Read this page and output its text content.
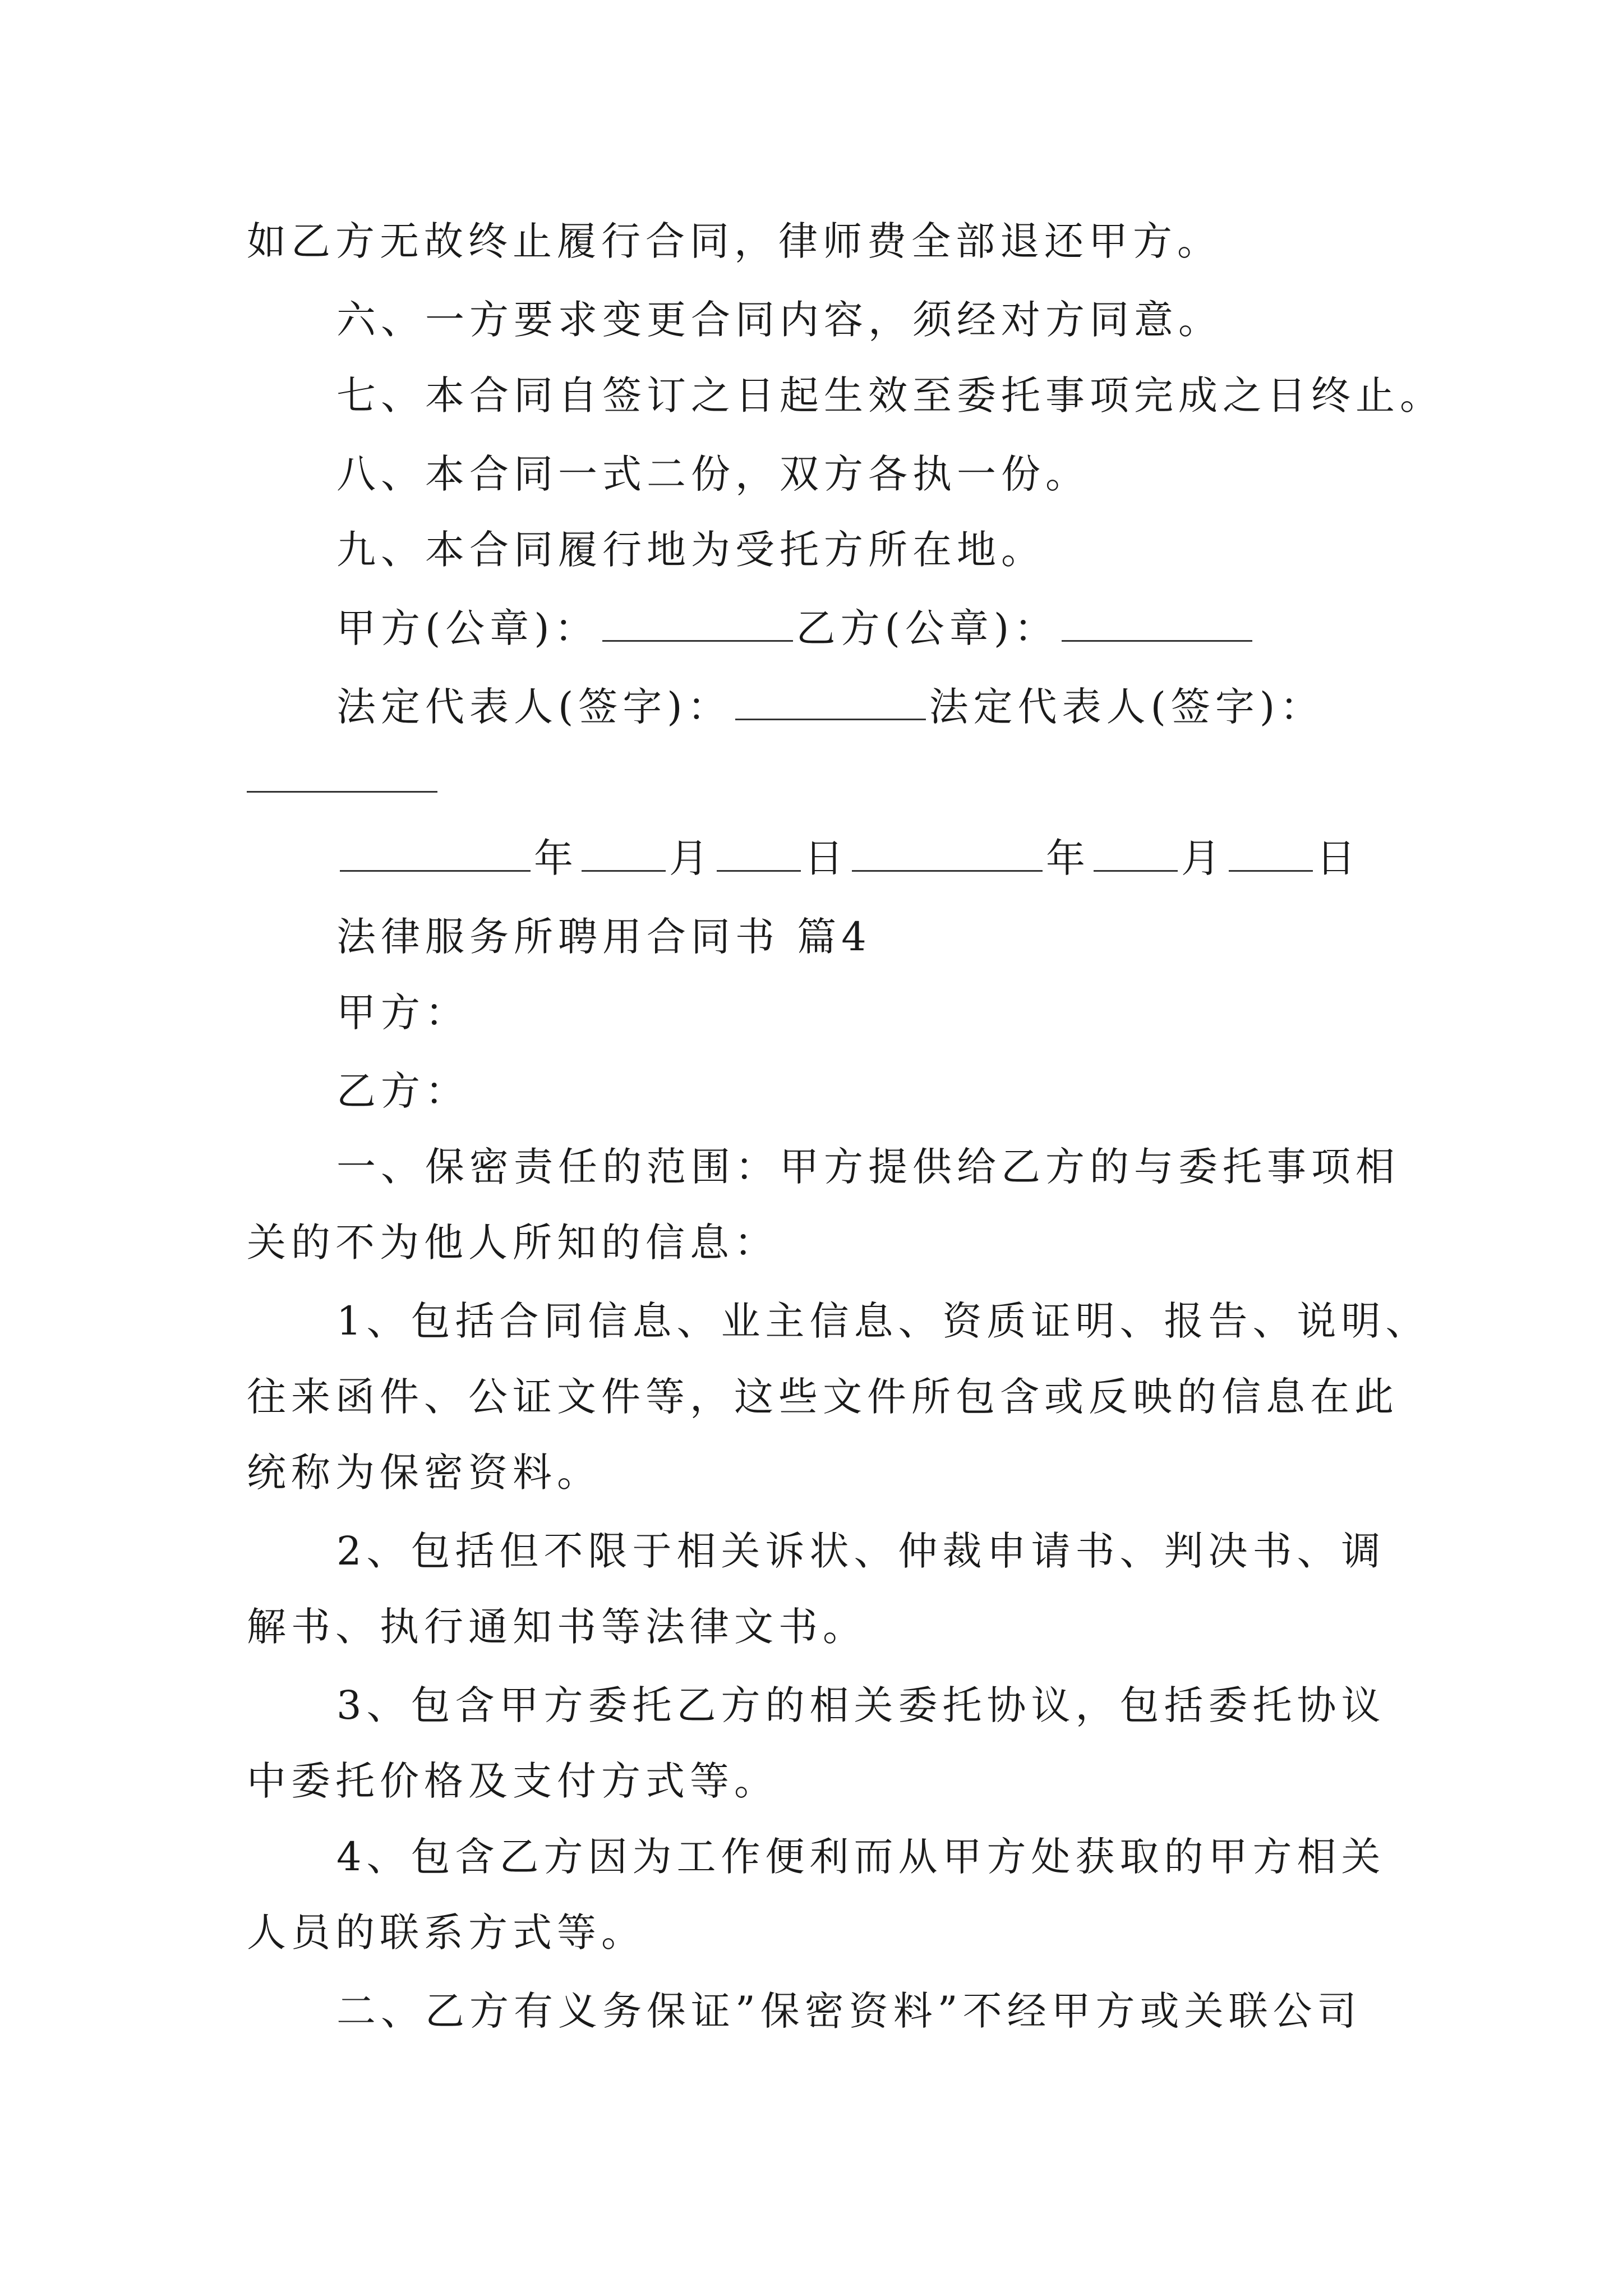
如乙方无故终止履行合同，律师费全部退还甲方。
六、一方要求变更合同内容，须经对方同意。
七、本合同自签订之日起生效至委托事项完成之日终止。
八、本合同一式二份，双方各执一份。
九、本合同履行地为受托方所在地。
甲方(公章)：	乙方(公章)：
法定代表人(签字)：	法定代表人(签字)：
年 月 日	年 月 日
法律服务所聘用合同书 篇4
甲方：
乙方：
一、保密责任的范围：甲方提供给乙方的与委托事项相
关的不为他人所知的信息：
1、包括合同信息、业主信息、资质证明、报告、说明、
往来函件、公证文件等，这些文件所包含或反映的信息在此
统称为保密资料。
2、包括但不限于相关诉状、仲裁申请书、判决书、调
解书、执行通知书等法律文书。
3、包含甲方委托乙方的相关委托协议，包括委托协议
中委托价格及支付方式等。
4、包含乙方因为工作便利而从甲方处获取的甲方相关
人员的联系方式等。
二、乙方有义务保证”保密资料”不经甲方或关联公司
